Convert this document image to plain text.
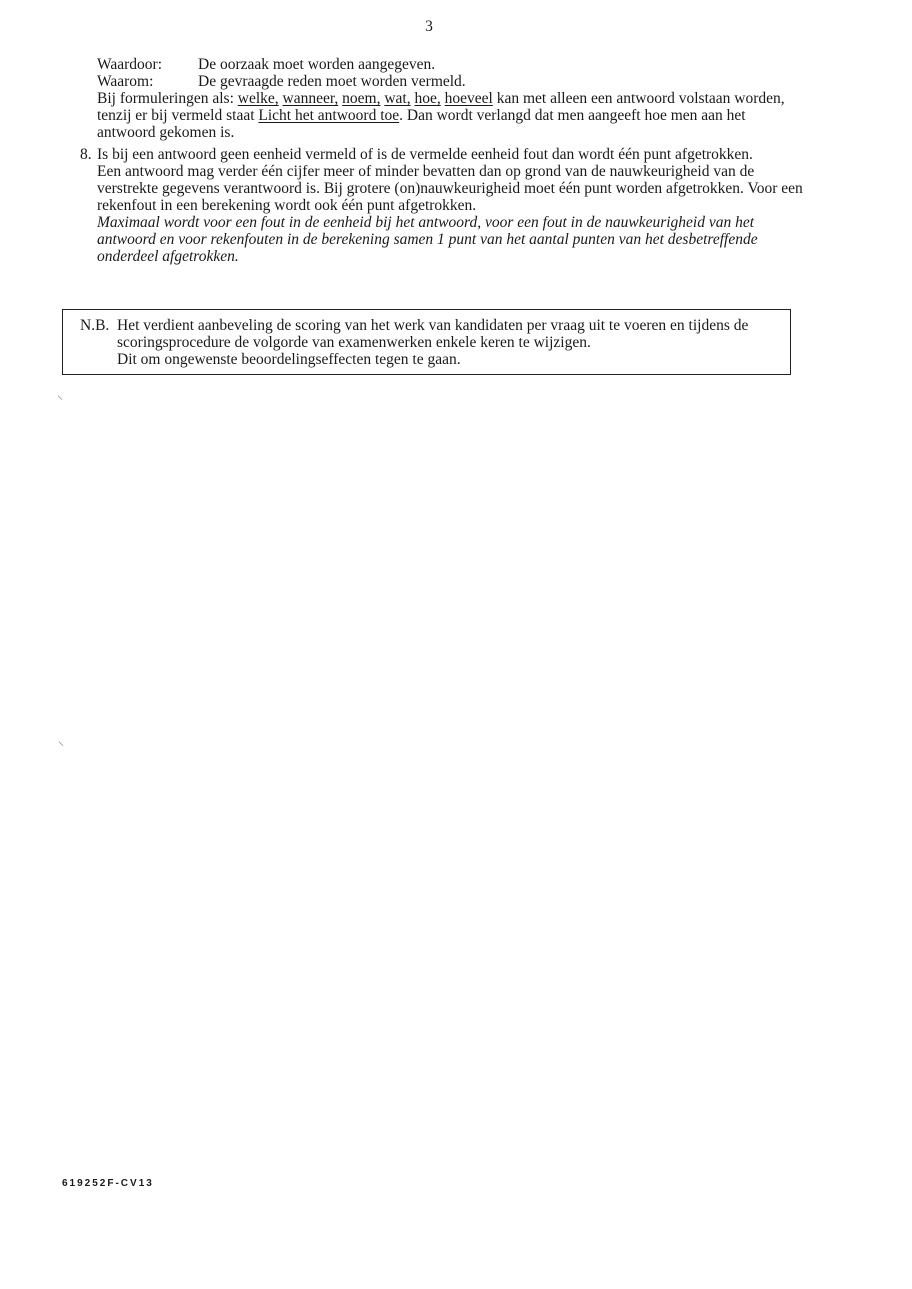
3
Waardoor:	De oorzaak moet worden aangegeven.
Waarom:	De gevraagde reden moet worden vermeld.

Bij formuleringen als: welke, wanneer, noem, wat, hoe, hoeveel kan met alleen een antwoord volstaan worden, tenzij er bij vermeld staat Licht het antwoord toe. Dan wordt verlangd dat men aangeeft hoe men aan het antwoord gekomen is.

8. Is bij een antwoord geen eenheid vermeld of is de vermelde eenheid fout dan wordt één punt afgetrokken.

Een antwoord mag verder één cijfer meer of minder bevatten dan op grond van de nauwkeurigheid van de verstrekte gegevens verantwoord is. Bij grotere (on)nauwkeurigheid moet één punt worden afgetrokken. Voor een rekenfout in een berekening wordt ook één punt afgetrokken.

Maximaal wordt voor een fout in de eenheid bij het antwoord, voor een fout in de nauwkeurigheid van het antwoord en voor rekenfouten in de berekening samen 1 punt van het aantal punten van het desbetreffende onderdeel afgetrokken.

N.B. Het verdient aanbeveling de scoring van het werk van kandidaten per vraag uit te voeren en tijdens de scoringsprocedure de volgorde van examenwerken enkele keren te wijzigen.

Dit om ongewenste beoordelingseffecten tegen te gaan.

⸌
⸌
619252F-CV13
